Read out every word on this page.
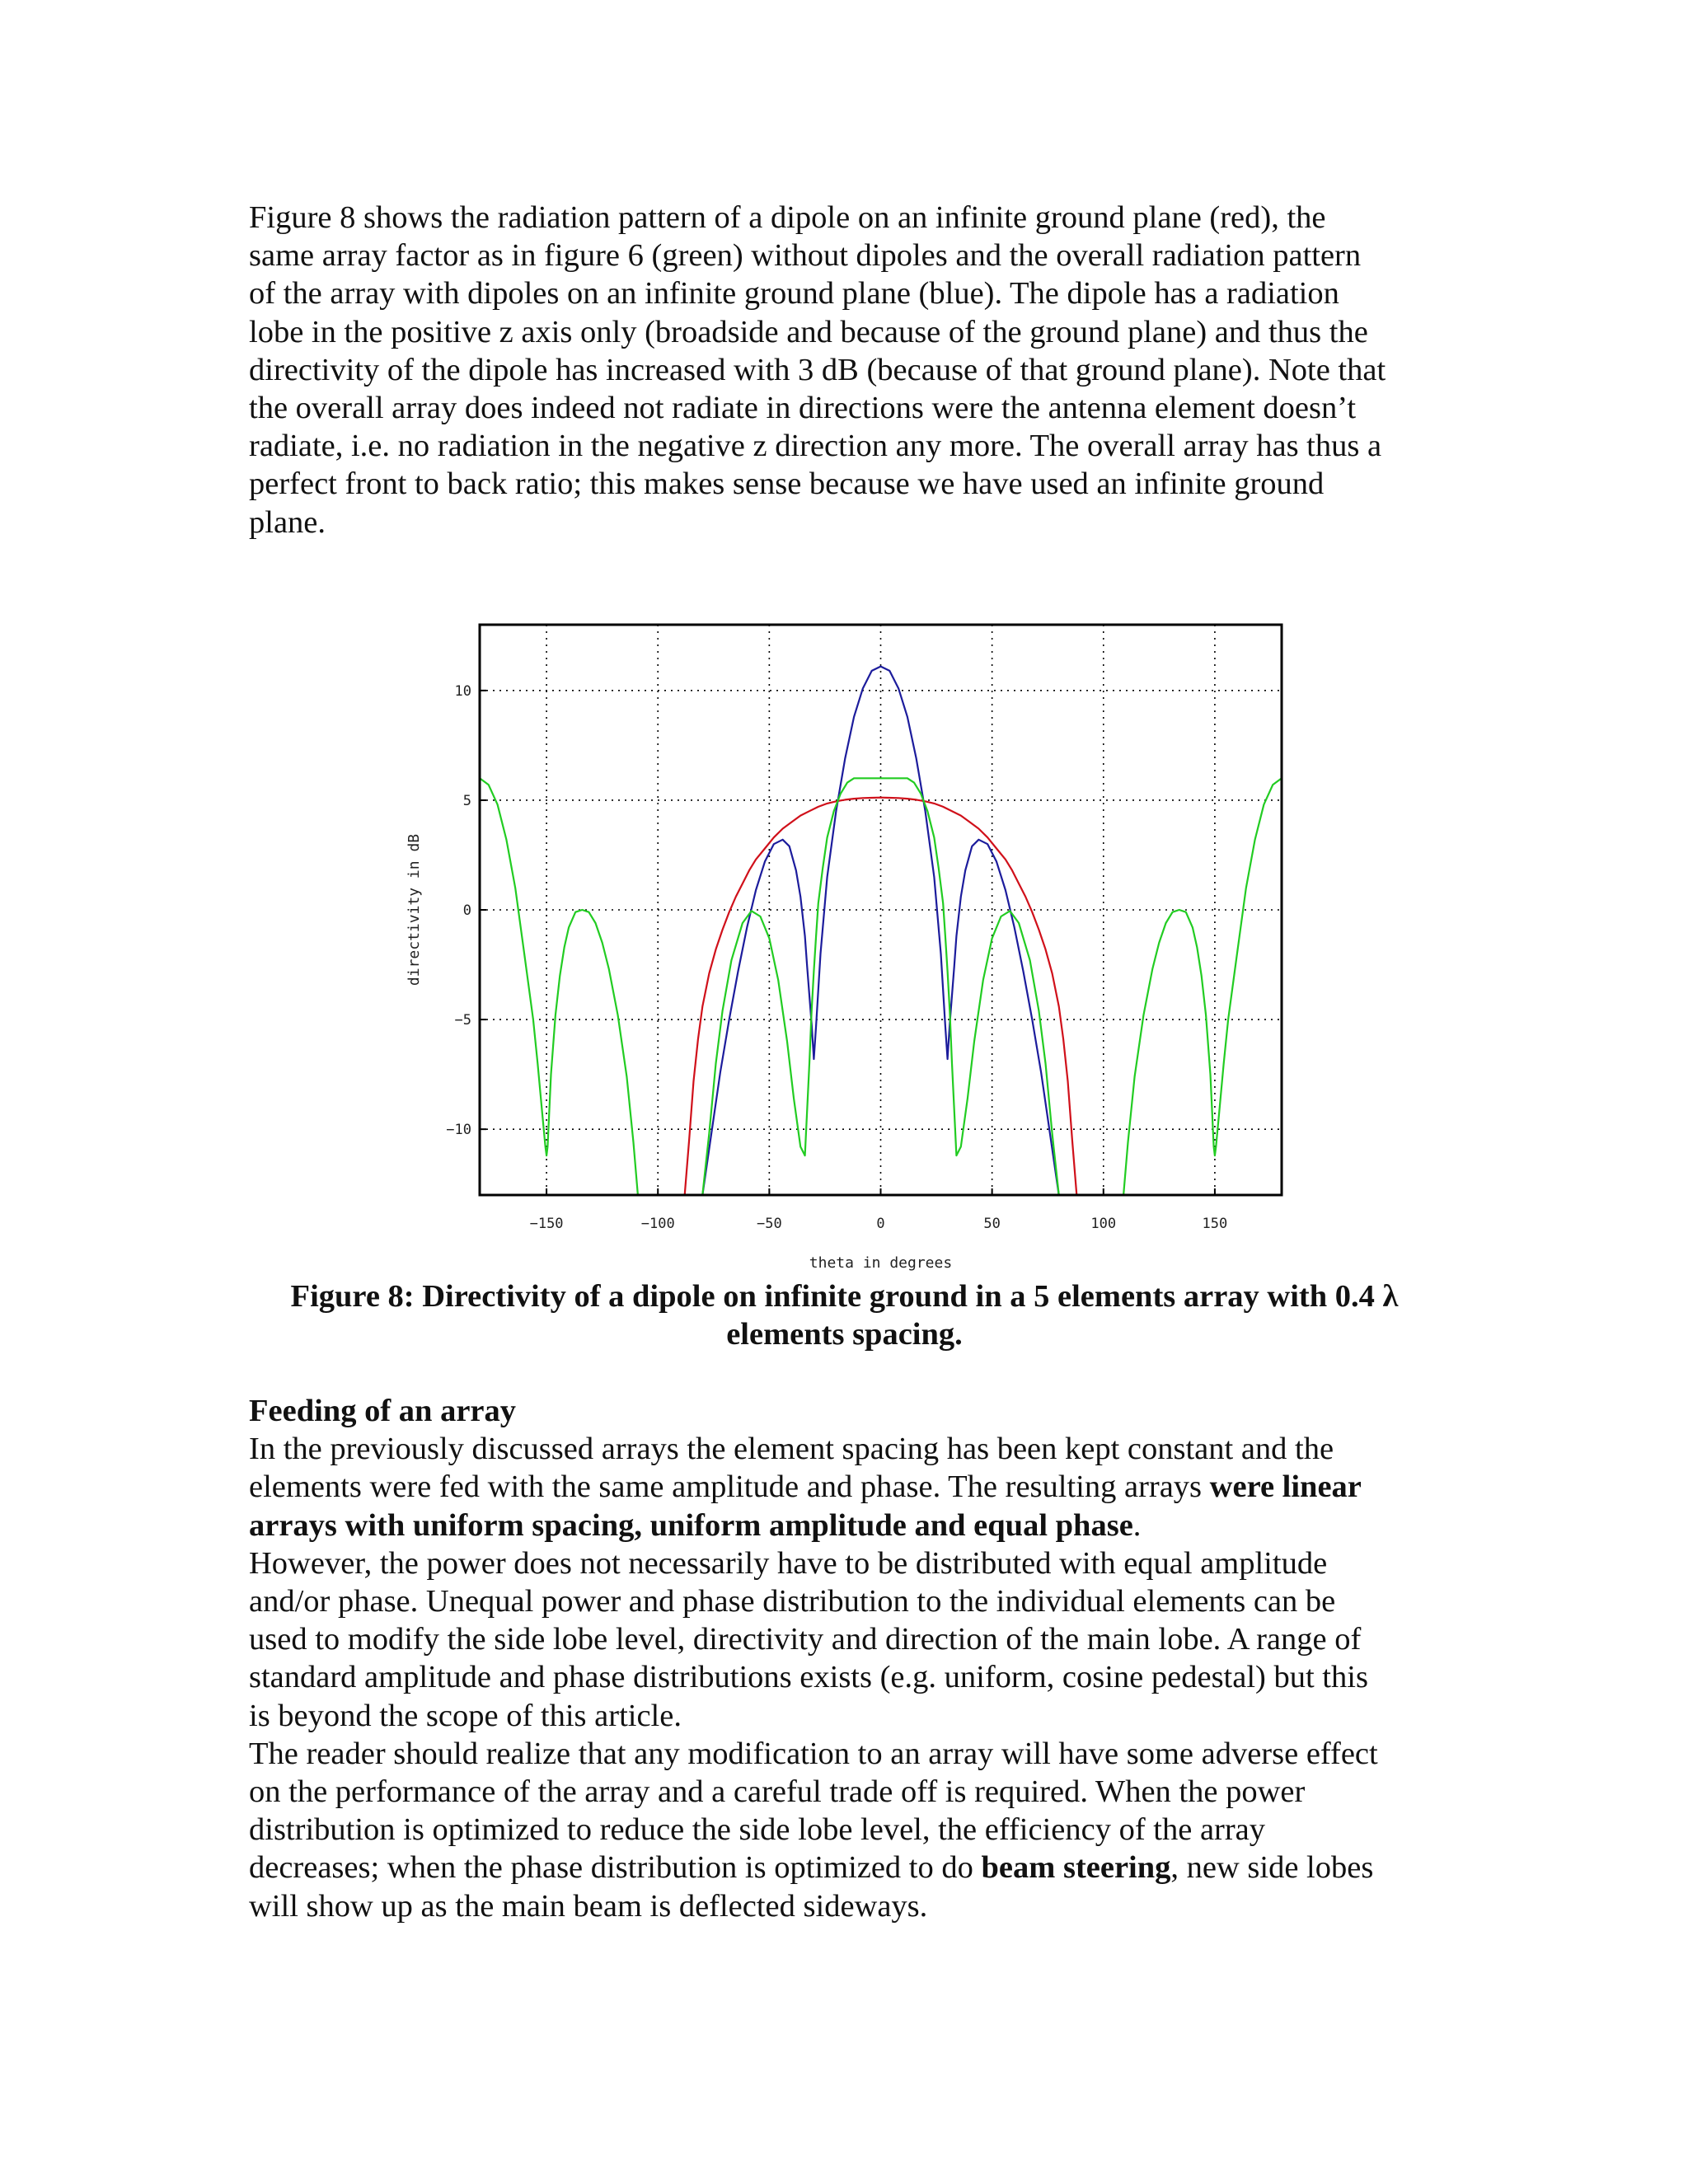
Figure 8 shows the radiation pattern of a dipole on an infinite ground plane (red), the
same array factor as in figure 6 (green) without dipoles and the overall radiation pattern
of the array with dipoles on an infinite ground plane (blue). The dipole has a radiation
lobe in the positive z axis only (broadside and because of the ground plane) and thus the
directivity of the dipole has increased with 3 dB (because of that ground plane). Note that
the overall array does indeed not radiate in directions were the antenna element doesn’t
radiate, i.e. no radiation in the negative z direction any more. The overall array has thus a
perfect front to back ratio; this makes sense because we have used an infinite ground
plane.
−150	−100	−50	0	50	100	150
10
5
0
−5
−10
theta in degrees
directivity in dB
Figure 8: Directivity of a dipole on infinite ground in a 5 elements array with 0.4 λ
elements spacing.
Feeding of an array
In the previously discussed arrays the element spacing has been kept constant and the
elements were fed with the same amplitude and phase. The resulting arrays were linear
arrays with uniform spacing, uniform amplitude and equal phase.
However, the power does not necessarily have to be distributed with equal amplitude
and/or phase. Unequal power and phase distribution to the individual elements can be
used to modify the side lobe level, directivity and direction of the main lobe. A range of
standard amplitude and phase distributions exists (e.g. uniform, cosine pedestal) but this
is beyond the scope of this article.
The reader should realize that any modification to an array will have some adverse effect
on the performance of the array and a careful trade off is required. When the power
distribution is optimized to reduce the side lobe level, the efficiency of the array
decreases; when the phase distribution is optimized to do beam steering, new side lobes
will show up as the main beam is deflected sideways.
